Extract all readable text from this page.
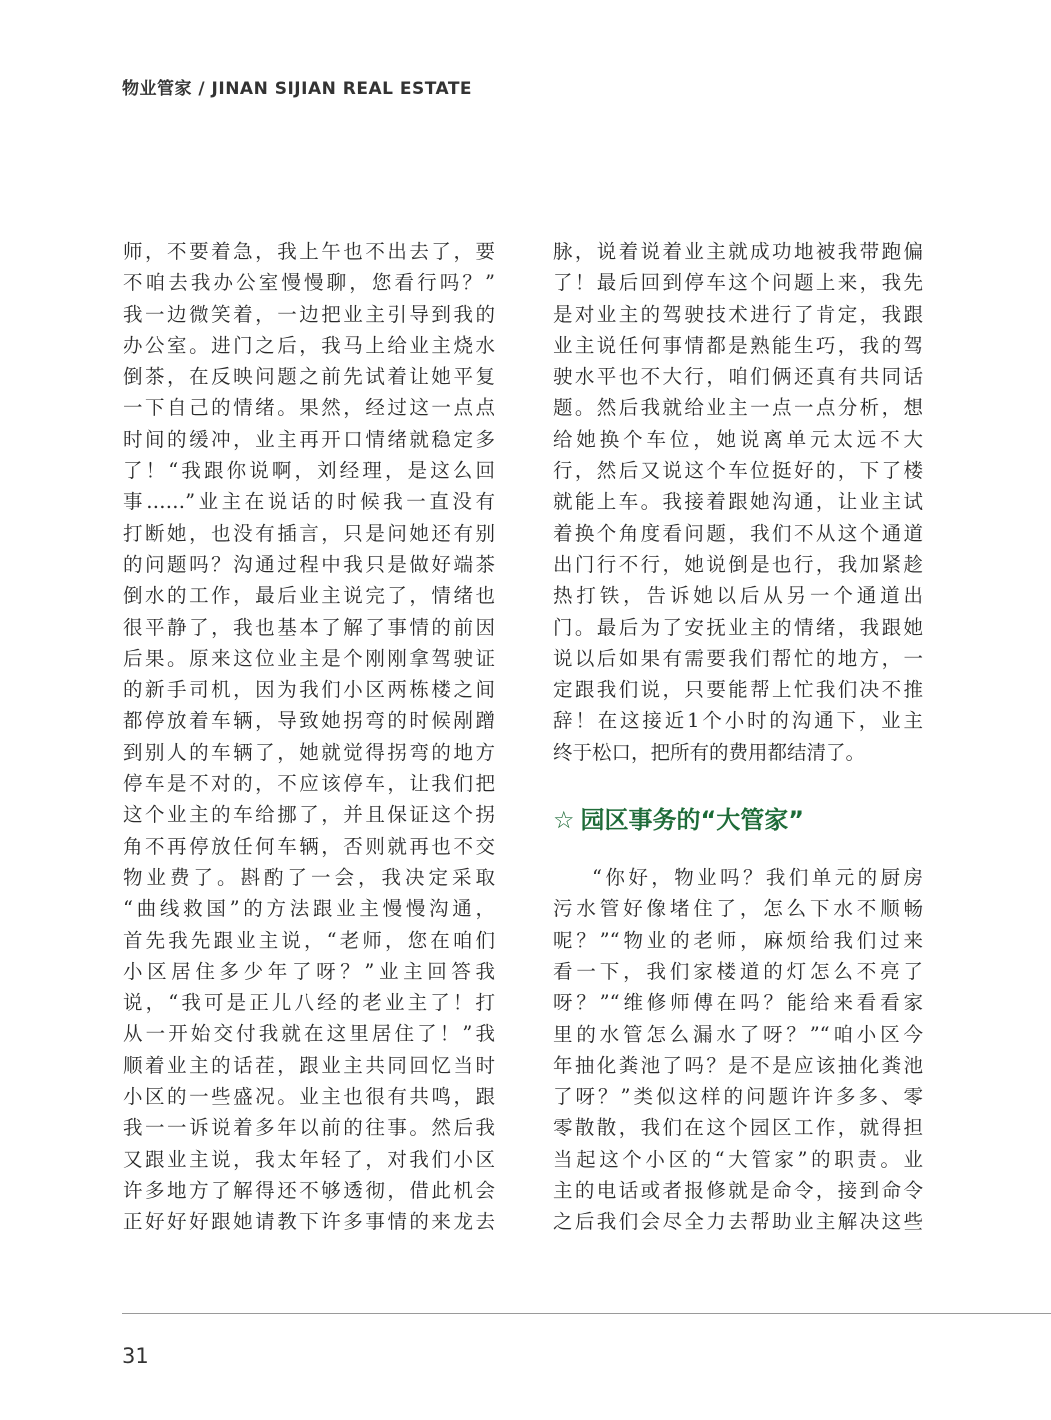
物业管家 / JINAN SIJIAN REAL ESTATE
师，不要着急，我上午也不出去了，要
不咱去我办公室慢慢聊，您看行吗？”
我一边微笑着，一边把业主引导到我的
办公室。进门之后，我马上给业主烧水
倒茶，在反映问题之前先试着让她平复
一下自己的情绪。果然，经过这一点点
时间的缓冲，业主再开口情绪就稳定多
了！“我跟你说啊，刘经理，是这么回
事……”业主在说话的时候我一直没有
打断她，也没有插言，只是问她还有别
的问题吗？沟通过程中我只是做好端茶
倒水的工作，最后业主说完了，情绪也
很平静了，我也基本了解了事情的前因
后果。原来这位业主是个刚刚拿驾驶证
的新手司机，因为我们小区两栋楼之间
都停放着车辆，导致她拐弯的时候剐蹭
到别人的车辆了，她就觉得拐弯的地方
停车是不对的，不应该停车，让我们把
这个业主的车给挪了，并且保证这个拐
角不再停放任何车辆，否则就再也不交
物业费了。斟酌了一会，我决定采取
“曲线救国”的方法跟业主慢慢沟通，
首先我先跟业主说，“老师，您在咱们
小区居住多少年了呀？”业主回答我
说，“我可是正儿八经的老业主了！打
从一开始交付我就在这里居住了！”我
顺着业主的话茬，跟业主共同回忆当时
小区的一些盛况。业主也很有共鸣，跟
我一一诉说着多年以前的往事。然后我
又跟业主说，我太年轻了，对我们小区
许多地方了解得还不够透彻，借此机会
正好好好跟她请教下许多事情的来龙去
脉，说着说着业主就成功地被我带跑偏
了！最后回到停车这个问题上来，我先
是对业主的驾驶技术进行了肯定，我跟
业主说任何事情都是熟能生巧，我的驾
驶水平也不大行，咱们俩还真有共同话
题。然后我就给业主一点一点分析，想
给她换个车位，她说离单元太远不大
行，然后又说这个车位挺好的，下了楼
就能上车。我接着跟她沟通，让业主试
着换个角度看问题，我们不从这个通道
出门行不行，她说倒是也行，我加紧趁
热打铁，告诉她以后从另一个通道出
门。最后为了安抚业主的情绪，我跟她
说以后如果有需要我们帮忙的地方，一
定跟我们说，只要能帮上忙我们决不推
辞！在这接近1个小时的沟通下，业主
终于松口，把所有的费用都结清了。
☆ 园区事务的“大管家”
“你好，物业吗？我们单元的厨房
污水管好像堵住了，怎么下水不顺畅
呢？”“物业的老师，麻烦给我们过来
看一下，我们家楼道的灯怎么不亮了
呀？”“维修师傅在吗？能给来看看家
里的水管怎么漏水了呀？”“咱小区今
年抽化粪池了吗？是不是应该抽化粪池
了呀？”类似这样的问题许许多多、零
零散散，我们在这个园区工作，就得担
当起这个小区的“大管家”的职责。业
主的电话或者报修就是命令，接到命令
之后我们会尽全力去帮助业主解决这些
31
